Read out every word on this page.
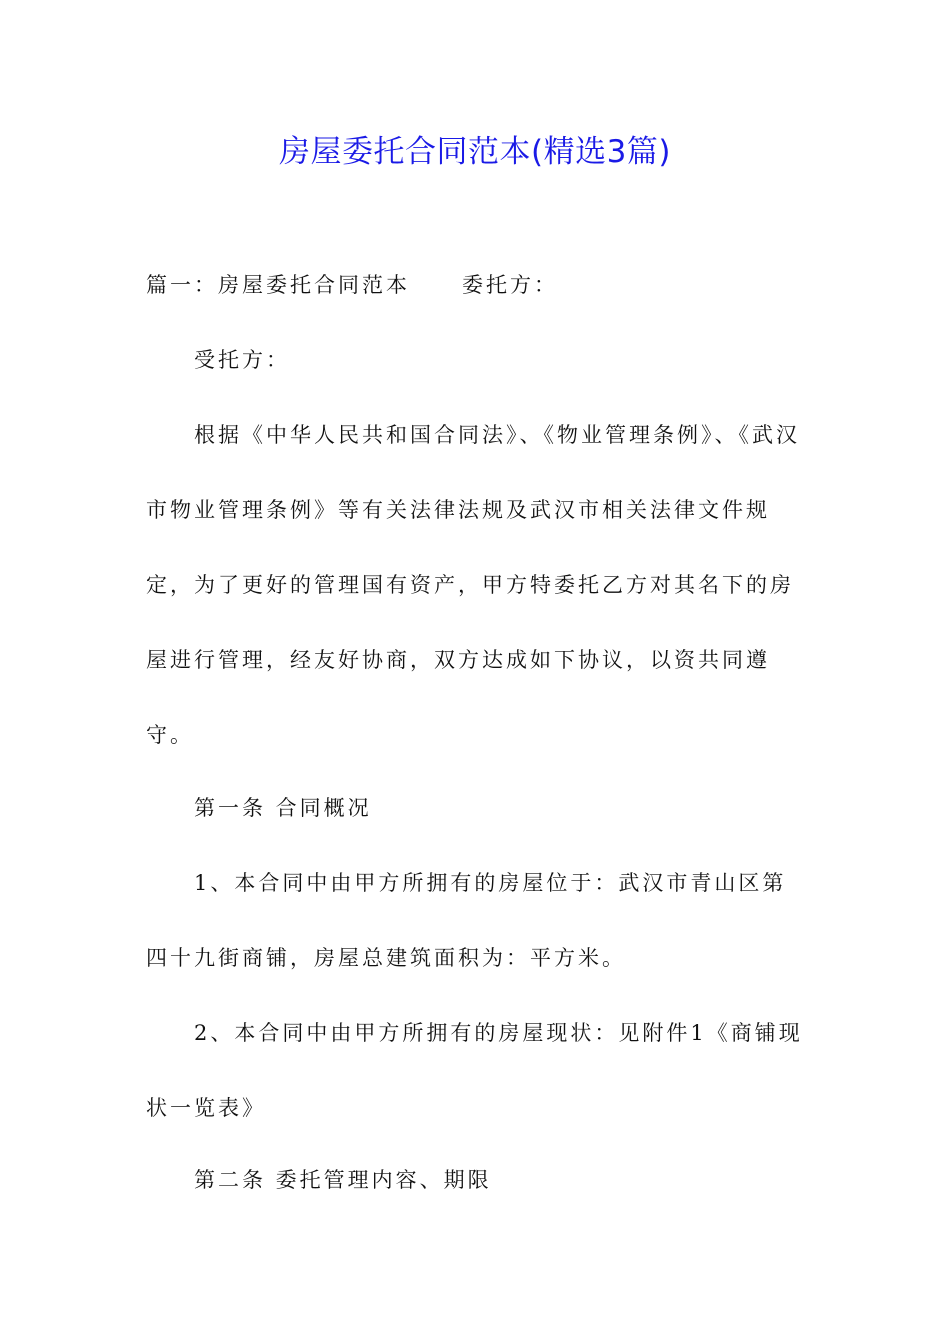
房屋委托合同范本(精选3篇)

篇一：房屋委托合同范本 委托方：

受托方：

根据《中华人民共和国合同法》、《物业管理条例》、《武汉市物业管理条例》等有关法律法规及武汉市相关法律文件规定，为了更好的管理国有资产，甲方特委托乙方对其名下的房屋进行管理，经友好协商，双方达成如下协议，以资共同遵守。

第一条 合同概况

1、本合同中由甲方所拥有的房屋位于：武汉市青山区第四十九街商铺，房屋总建筑面积为：平方米。

2、本合同中由甲方所拥有的房屋现状：见附件1《商铺现状一览表》

第二条 委托管理内容、期限
